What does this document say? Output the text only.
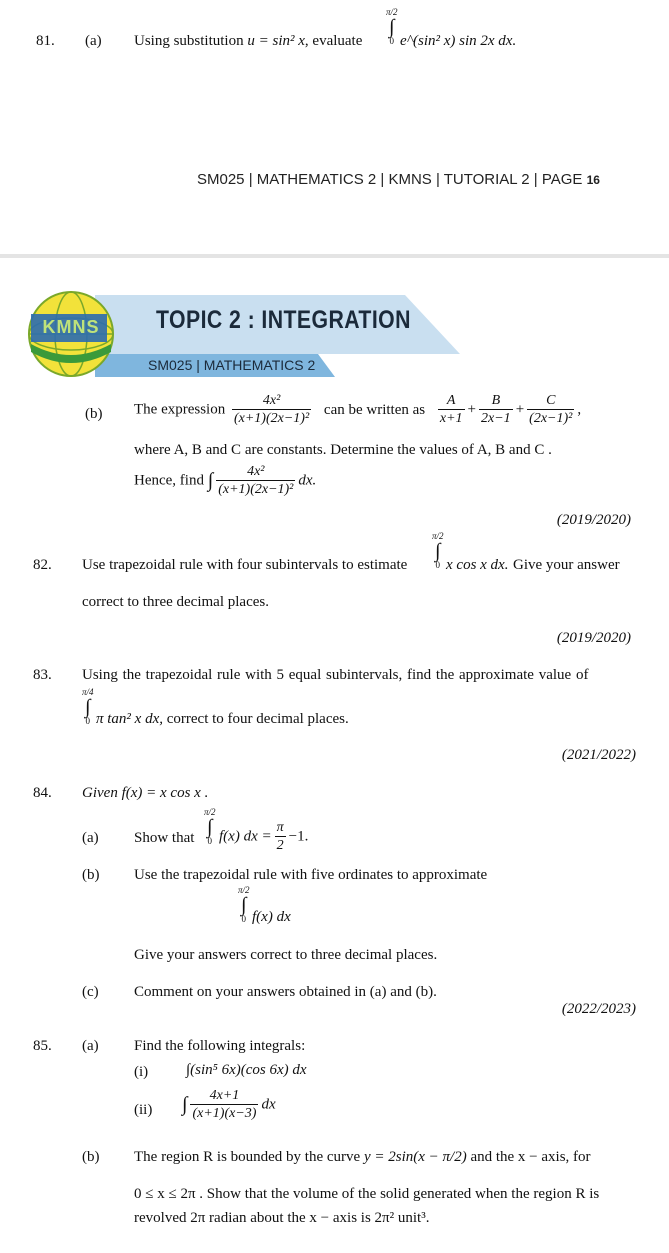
81. (a) Using substitution u = sin² x, evaluate
π/2
∫
0 e^(sin² x) sin 2x dx.
SM025 | MATHEMATICS 2 | KMNS | TUTORIAL 2 | PAGE 16
KMNS	TOPIC 2 : INTEGRATION
SM025 | MATHEMATICS 2
(b) The expression $\frac{\text{4x²}}{\text{(x+1)(2x−1)²}}$ can be written as $\frac{A}{x+1} + \frac{B}{2x-1} + \frac{C}{\text{(2x−1)²}}$ ,
where A, B and C are constants. Determine the values of A, B and C .
Hence, find ∫ $\frac{\text{4x²}}{\text{(x+1)(2x−1)²}}$ dx.
(2019/2020)
82. Use trapezoidal rule with four subintervals to estimate
π/2
∫
0 x cos x dx. Give your answer
correct to three decimal places.
(2019/2020)
83. Using the trapezoidal rule with 5 equal subintervals, find the approximate value of
π/4
∫
0 π tan² x dx, correct to four decimal places.
(2021/2022)
84. Given f(x) = x cos x .
(a) Show that
π/2
∫
0 f(x) dx = $\frac{\pi}{2} -1$.
(b) Use the trapezoidal rule with five ordinates to approximate
π/2
∫
0 f(x) dx
Give your answers correct to three decimal places.
(c) Comment on your answers obtained in (a) and (b).
(2022/2023)
85. (a) Find the following integrals:
(i)	∫(sin⁵ 6x)(cos 6x) dx
(ii) ∫ $\frac{4x+1}{(x+1)(x-3)}$ dx
(b) The region R is bounded by the curve y = 2sin(x − π/2) and the x − axis, for
0 ≤ x ≤ 2π . Show that the volume of the solid generated when the region R is
revolved 2π radian about the x − axis is 2π² unit³.
